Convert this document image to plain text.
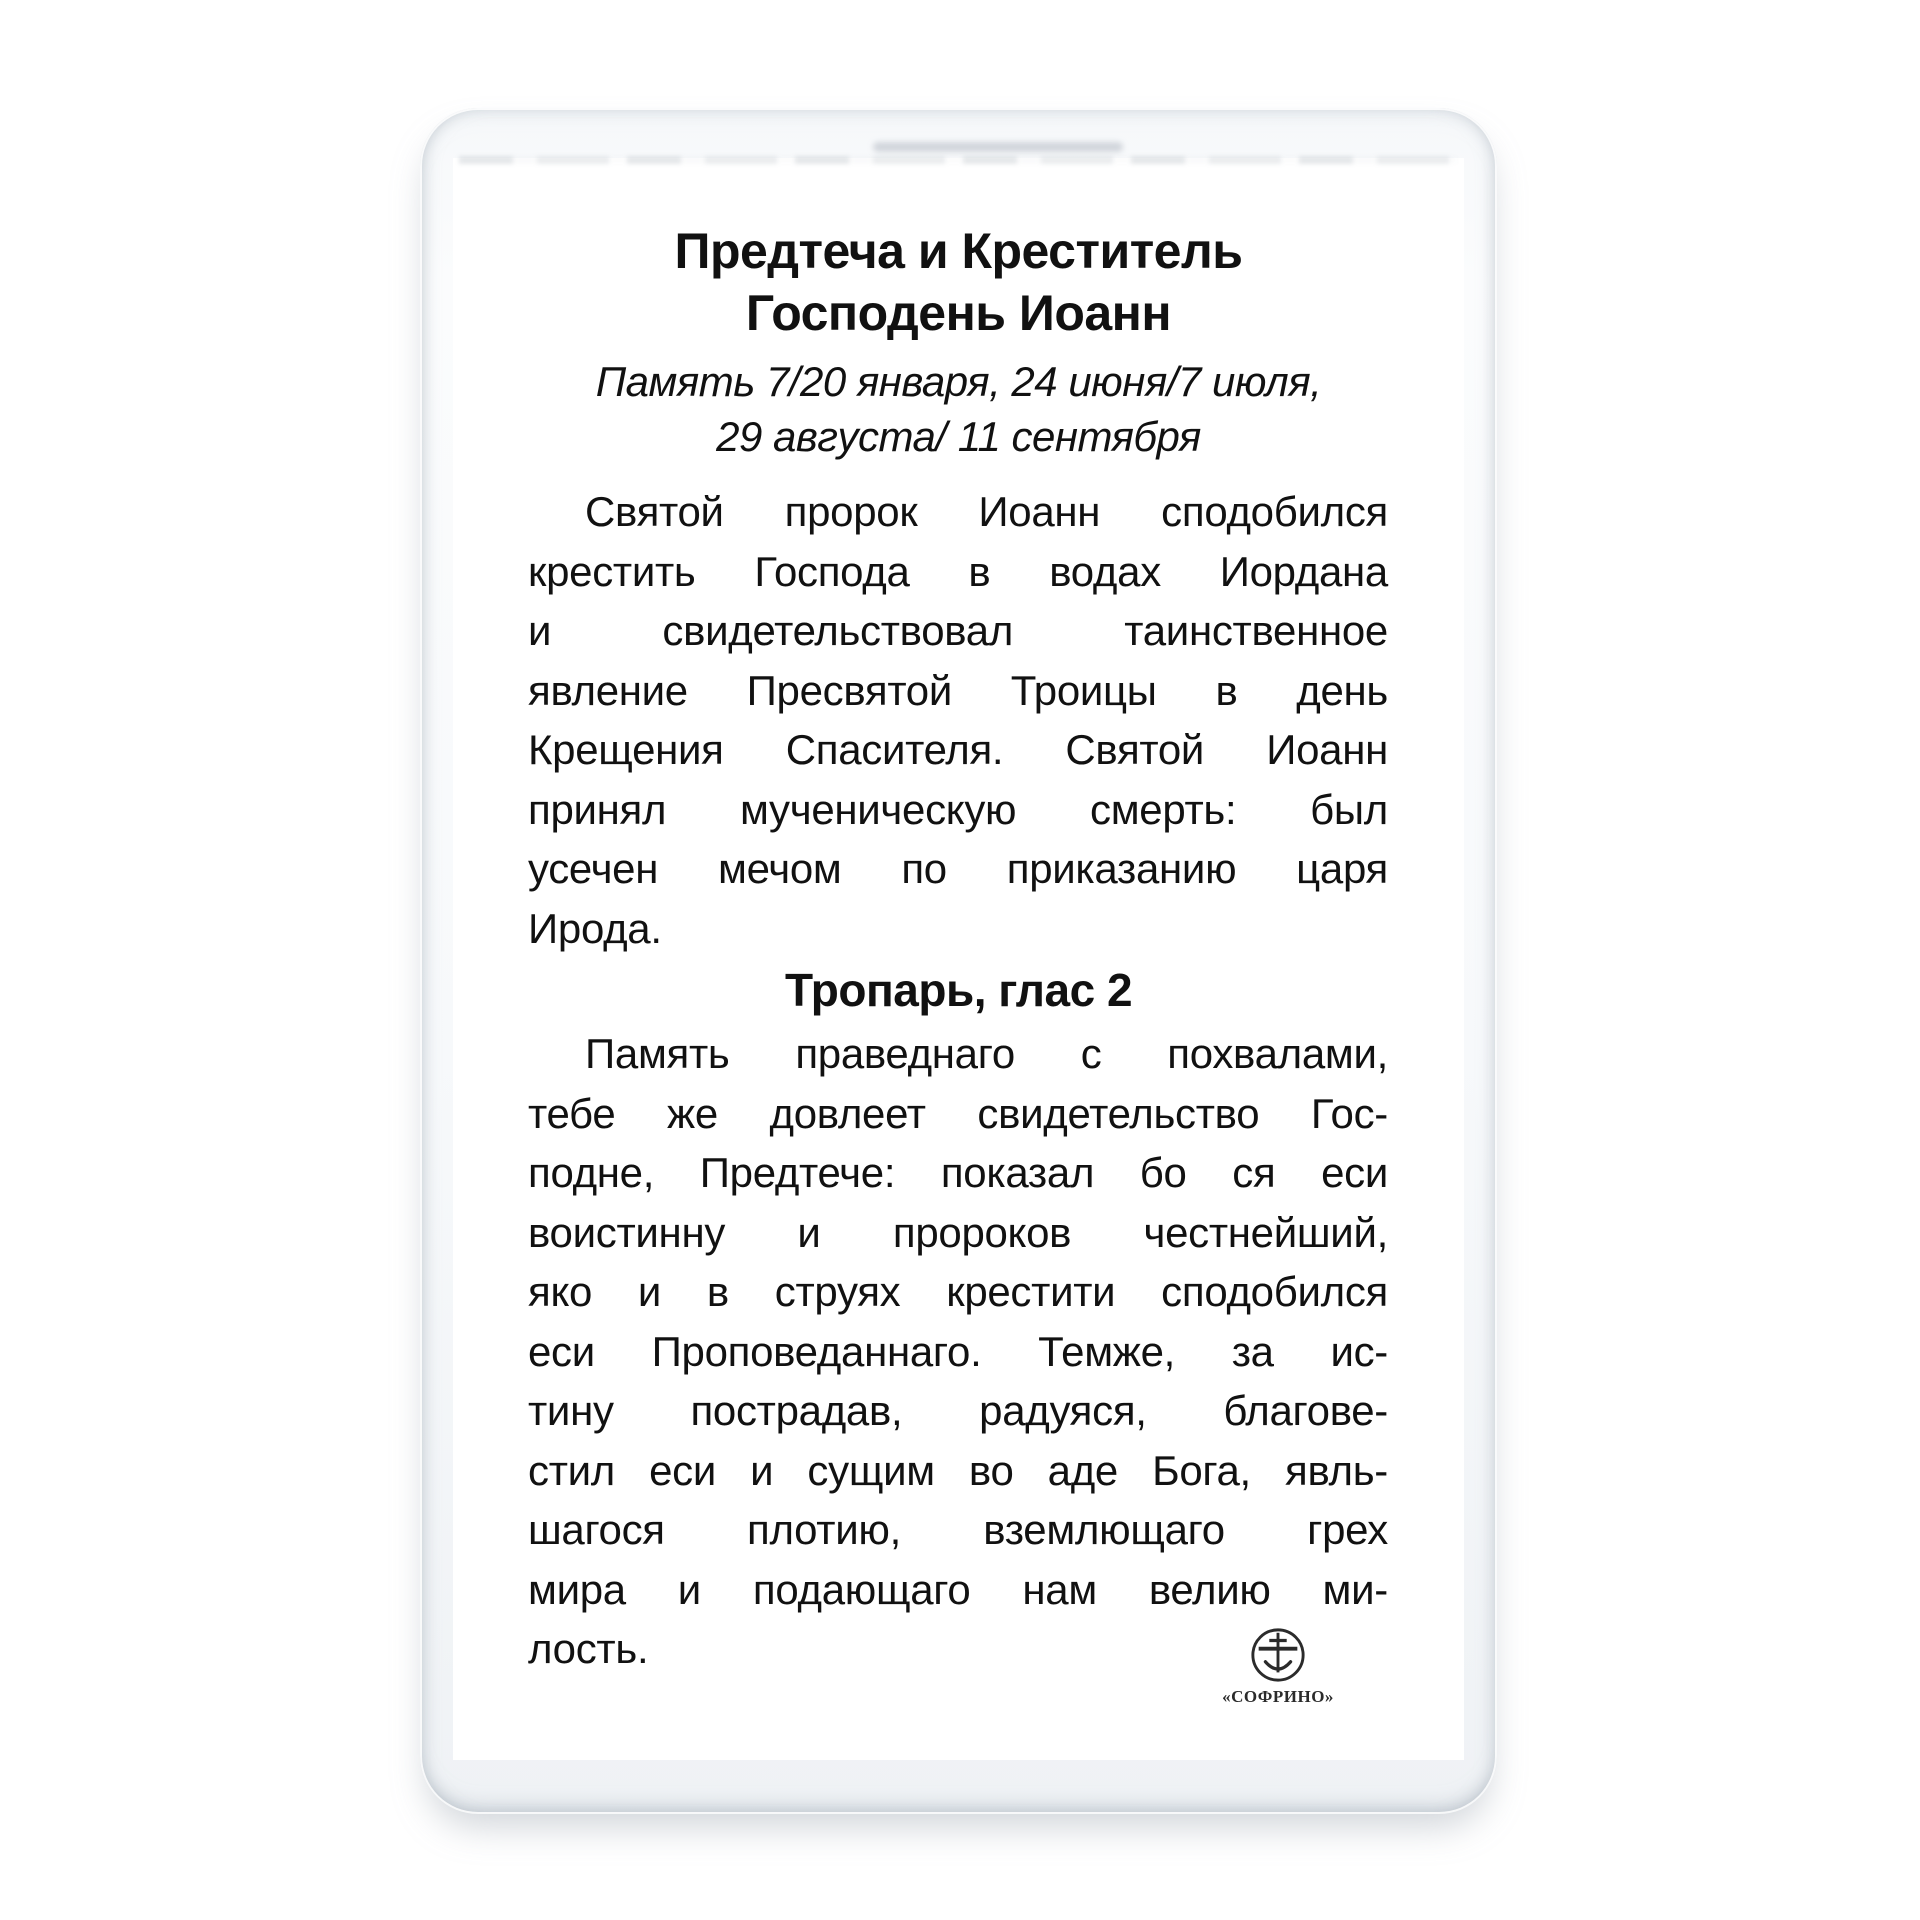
Предтеча и Креститель
Господень Иоанн
Память 7/20 января, 24 июня/7 июля,
29 августа/ 11 сентября
Святой пророк Иоанн сподобился
крестить Господа в водах Иордана
и свидетельствовал таинственное
явление Пресвятой Троицы в день
Крещения Спасителя. Святой Иоанн
принял мученическую смерть: был
усечен мечом по приказанию царя
Ирода.
Тропарь, глас 2
Память праведнаго с похвалами,
тебе же довлеет свидетельство Гос-
подне, Предтече: показал бо ся еси
воистинну и пророков честнейший,
яко и в струях крестити сподобился
еси Проповеданнаго. Темже, за ис-
тину пострадав, радуяся, благове-
стил еси и сущим во аде Бога, явль-
шагося плотию, вземлющаго грех
мира и подающаго нам велию ми-
лость.
«СОФРИНО»
